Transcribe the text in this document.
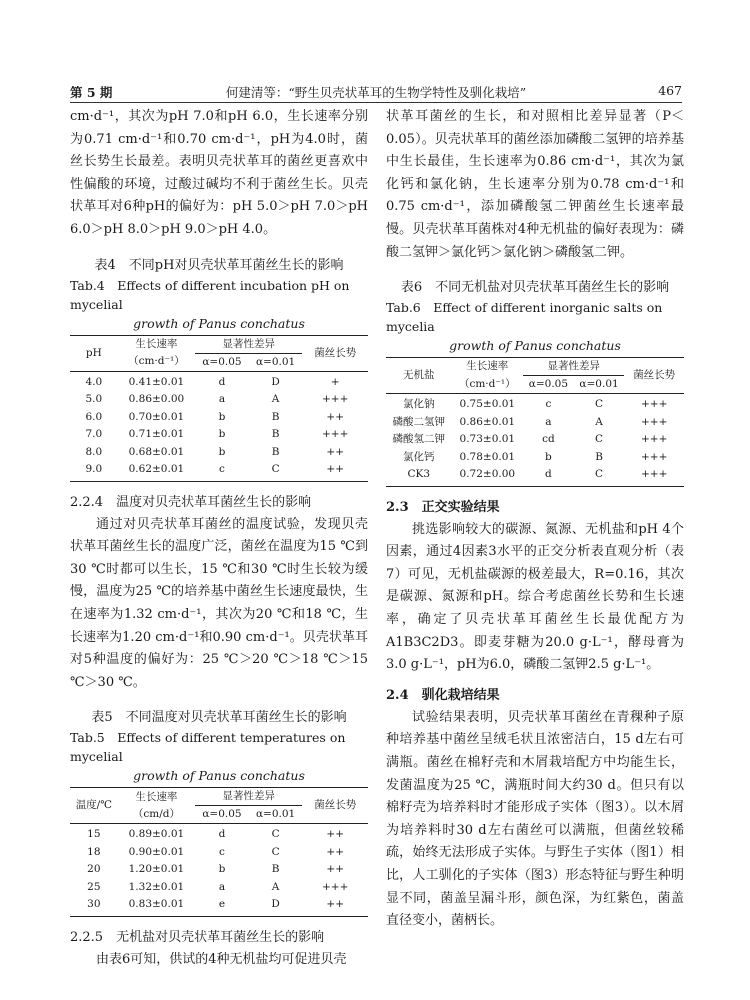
第 5 期	何建清等：“野生贝壳状革耳的生物学特性及驯化栽培”	467

cm·d⁻¹，其次为pH 7.0和pH 6.0，生长速率分别为0.71 cm·d⁻¹和0.70 cm·d⁻¹，pH为4.0时，菌丝长势生长最差。表明贝壳状革耳的菌丝更喜欢中性偏酸的环境，过酸过碱均不利于菌丝生长。贝壳状革耳对6种pH的偏好为：pH 5.0＞pH 7.0＞pH 6.0＞pH 8.0＞pH 9.0＞pH 4.0。

表4　不同pH对贝壳状革耳菌丝生长的影响
Tab.4　Effects of different incubation pH on mycelial
growth of Panus conchatus
pH	生长速率	显著性差异		菌丝长势
	（cm·d⁻¹）	α=0.05	α=0.01	
4.0	0.41±0.01	d	D	+
5.0	0.86±0.00	a	A	+++
6.0	0.70±0.01	b	B	++
7.0	0.71±0.01	b	B	+++
8.0	0.68±0.01	b	B	++
9.0	0.62±0.01	c	C	++
2.2.4　温度对贝壳状革耳菌丝生长的影响

通过对贝壳状革耳菌丝的温度试验，发现贝壳状革耳菌丝生长的温度广泛，菌丝在温度为15 ℃到30 ℃时都可以生长，15 ℃和30 ℃时生长较为缓慢，温度为25 ℃的培养基中菌丝生长速度最快，生在速率为1.32 cm·d⁻¹，其次为20 ℃和18 ℃，生长速率为1.20 cm·d⁻¹和0.90 cm·d⁻¹。贝壳状革耳对5种温度的偏好为：25 ℃＞20 ℃＞18 ℃＞15 ℃＞30 ℃。

表5　不同温度对贝壳状革耳菌丝生长的影响
Tab.5　Effects of different temperatures on mycelial
growth of Panus conchatus
温度/℃	生长速率	显著性差异		菌丝长势
	（cm/d）	α=0.05	α=0.01	
15	0.89±0.01	d	C	++
18	0.90±0.01	c	C	++
20	1.20±0.01	b	B	++
25	1.32±0.01	a	A	+++
30	0.83±0.01	e	D	++
2.2.5　无机盐对贝壳状革耳菌丝生长的影响

由表6可知，供试的4种无机盐均可促进贝壳

状革耳菌丝的生长，和对照相比差异显著（P＜0.05）。贝壳状革耳的菌丝添加磷酸二氢钾的培养基中生长最佳，生长速率为0.86 cm·d⁻¹，其次为氯化钙和氯化钠，生长速率分别为0.78 cm·d⁻¹和0.75 cm·d⁻¹，添加磷酸氢二钾菌丝生长速率最慢。贝壳状革耳菌株对4种无机盐的偏好表现为：磷酸二氢钾＞氯化钙＞氯化钠＞磷酸氢二钾。

表6　不同无机盐对贝壳状革耳菌丝生长的影响
Tab.6　Effect of different inorganic salts on mycelia
growth of Panus conchatus
无机盐	生长速率	显著性差异		菌丝长势
	（cm·d⁻¹）	α=0.05	α=0.01	
氯化钠	0.75±0.01	c	C	+++
磷酸二氢钾	0.86±0.01	a	A	+++
磷酸氢二钾	0.73±0.01	cd	C	+++
氯化钙	0.78±0.01	b	B	+++
CK3	0.72±0.00	d	C	+++
2.3　正交实验结果

挑选影响较大的碳源、氮源、无机盐和pH 4个因素，通过4因素3水平的正交分析表直观分析（表7）可见，无机盐碳源的极差最大，R=0.16，其次是碳源、氮源和pH。综合考虑菌丝长势和生长速率，确定了贝壳状革耳菌丝生长最优配方为A1B3C2D3。即麦芽糖为20.0 g·L⁻¹，酵母膏为3.0 g·L⁻¹，pH为6.0，磷酸二氢钾2.5 g·L⁻¹。

2.4　驯化栽培结果

试验结果表明，贝壳状革耳菌丝在青稞种子原种培养基中菌丝呈绒毛状且浓密洁白，15 d左右可满瓶。菌丝在棉籽壳和木屑栽培配方中均能生长，发菌温度为25 ℃，满瓶时间大约30 d。但只有以棉籽壳为培养料时才能形成子实体（图3）。以木屑为培养料时30 d左右菌丝可以满瓶，但菌丝较稀疏，始终无法形成子实体。与野生子实体（图1）相比，人工驯化的子实体（图3）形态特征与野生种明显不同，菌盖呈漏斗形，颜色深，为红紫色，菌盖直径变小，菌柄长。
